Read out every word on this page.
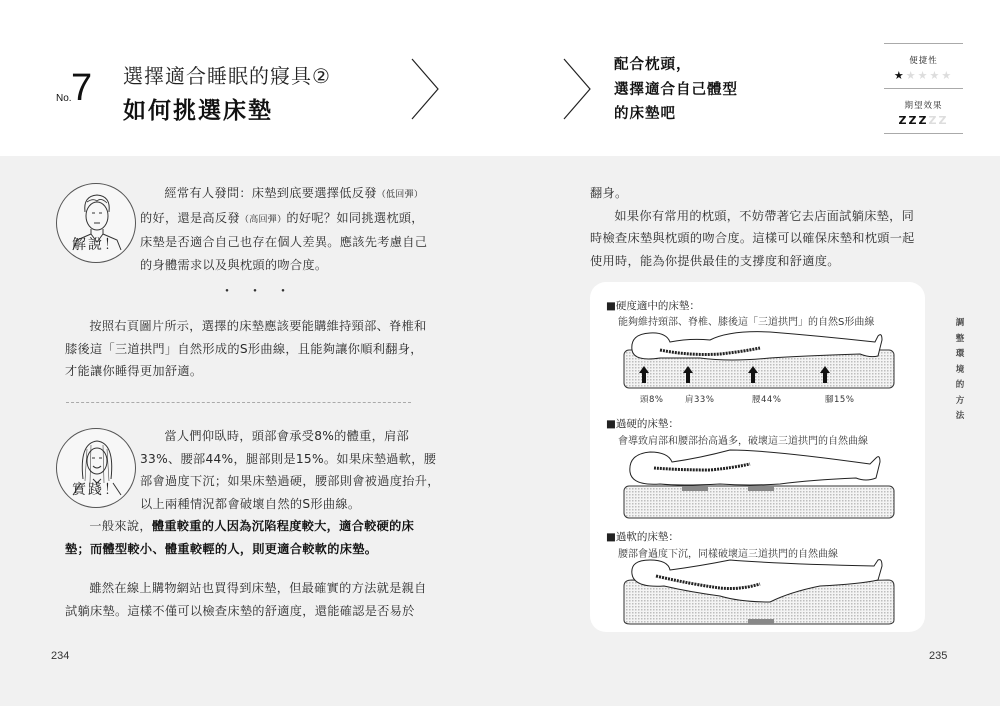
No. 7 選擇適合睡眠的寢具②
如何挑選床墊
配合枕頭，
選擇適合自己體型
的床墊吧
便捷性
★★★★★
期望效果
ZZZZZ
解說！
經常有人發問：床墊到底要選擇低反發（低回彈）的好，還是高反發（高回彈）的好呢？如同挑選枕頭，床墊是否適合自己也存在個人差異。應該先考慮自己的身體需求以及與枕頭的吻合度。
・・・
按照右頁圖片所示，選擇的床墊應該要能購維持頸部、脊椎和膝後這「三道拱門」自然形成的S形曲線，且能夠讓你順利翻身，才能讓你睡得更加舒適。
實踐！
當人們仰臥時，頭部會承受8%的體重，肩部33%、腰部44%，腿部則是15%。如果床墊過軟，腰部會過度下沉；如果床墊過硬，腰部則會被過度抬升，以上兩種情況都會破壞自然的S形曲線。
一般來說，體重較重的人因為沉陷程度較大，適合較硬的床墊；而體型較小、體重較輕的人，則更適合較軟的床墊。
雖然在線上購物網站也買得到床墊，但最確實的方法就是親自試躺床墊。這樣不僅可以檢查床墊的舒適度，還能確認是否易於
234
翻身。
如果你有常用的枕頭，不妨帶著它去店面試躺床墊，同時檢查床墊與枕頭的吻合度。這樣可以確保床墊和枕頭一起使用時，能為你提供最佳的支撐度和舒適度。
■硬度適中的床墊：
能夠維持頸部、脊椎、膝後這「三道拱門」的自然S形曲線
頭8%	肩33%	腰44%	腳15%
■過硬的床墊：
會導致肩部和腰部抬高過多，破壞這三道拱門的自然曲線
■過軟的床墊：
腰部會過度下沉，同樣破壞這三道拱門的自然曲線
調
整
環
境
的
方
法
235
